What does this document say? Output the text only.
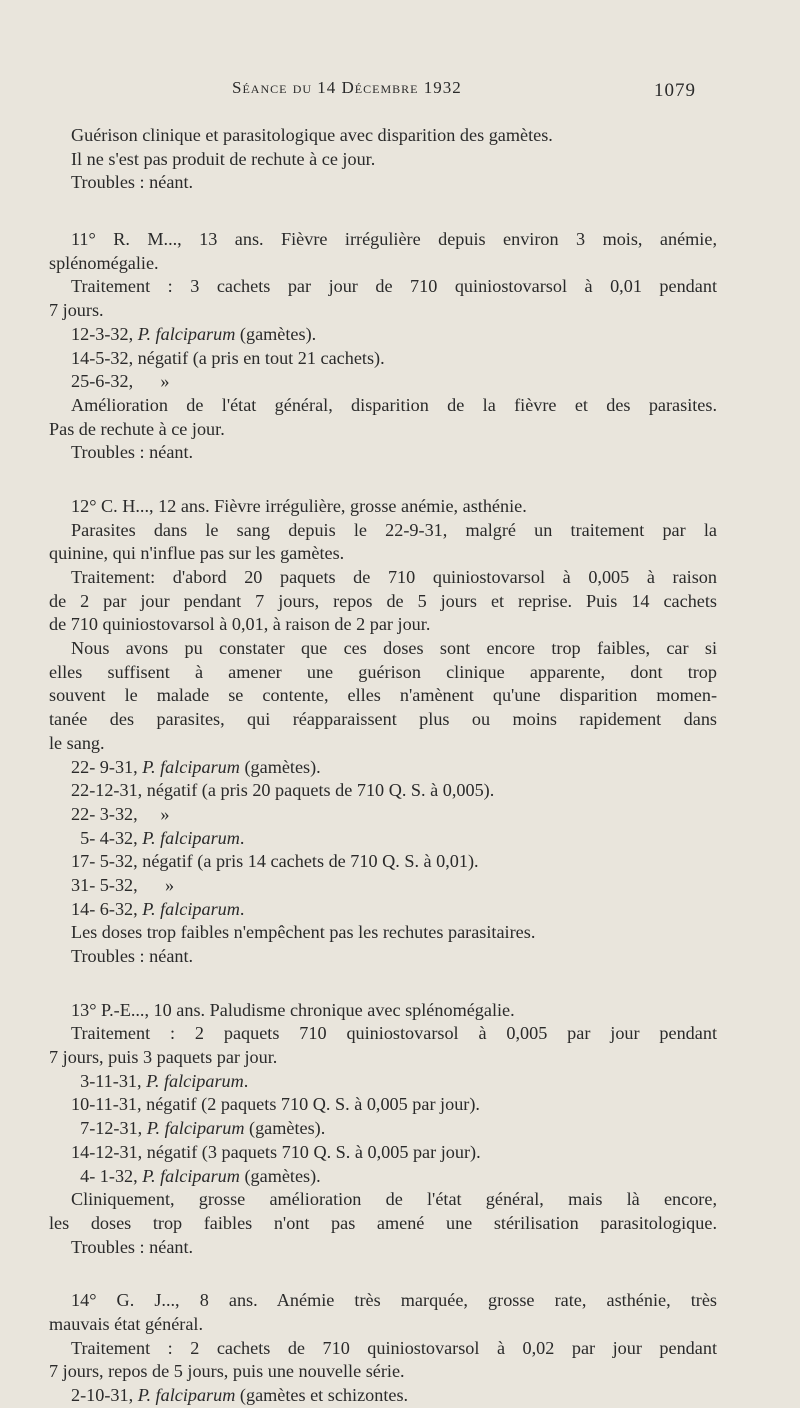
Séance du 14 Décembre 1932	1079
Guérison clinique et parasitologique avec disparition des gamètes.
Il ne s'est pas produit de rechute à ce jour.
Troubles : néant.
11° R. M..., 13 ans. Fièvre irrégulière depuis environ 3 mois, anémie,
splénomégalie.
Traitement : 3 cachets par jour de 710 quiniostovarsol à 0,01 pendant
7 jours.
12-3-32, P. falciparum (gamètes).
14-5-32, négatif (a pris en tout 21 cachets).
25-6-32,      »
Amélioration de l'état général, disparition de la fièvre et des parasites.
Pas de rechute à ce jour.
Troubles : néant.
12° C. H..., 12 ans. Fièvre irrégulière, grosse anémie, asthénie.
Parasites dans le sang depuis le 22-9-31, malgré un traitement par la
quinine, qui n'influe pas sur les gamètes.
Traitement: d'abord 20 paquets de 710 quiniostovarsol à 0,005 à raison
de 2 par jour pendant 7 jours, repos de 5 jours et reprise. Puis 14 cachets
de 710 quiniostovarsol à 0,01, à raison de 2 par jour.
Nous avons pu constater que ces doses sont encore trop faibles, car si
elles suffisent à amener une guérison clinique apparente, dont trop
souvent le malade se contente, elles n'amènent qu'une disparition momen-
tanée des parasites, qui réapparaissent plus ou moins rapidement dans
le sang.
22- 9-31, P. falciparum (gamètes).
22-12-31, négatif (a pris 20 paquets de 710 Q. S. à 0,005).
22- 3-32,     »
5- 4-32, P. falciparum.
17- 5-32, négatif (a pris 14 cachets de 710 Q. S. à 0,01).
31- 5-32,      »
14- 6-32, P. falciparum.
Les doses trop faibles n'empêchent pas les rechutes parasitaires.
Troubles : néant.
13° P.-E..., 10 ans. Paludisme chronique avec splénomégalie.
Traitement : 2 paquets 710 quiniostovarsol à 0,005 par jour pendant
7 jours, puis 3 paquets par jour.
3-11-31, P. falciparum.
10-11-31, négatif (2 paquets 710 Q. S. à 0,005 par jour).
7-12-31, P. falciparum (gamètes).
14-12-31, négatif (3 paquets 710 Q. S. à 0,005 par jour).
4- 1-32, P. falciparum (gamètes).
Cliniquement, grosse amélioration de l'état général, mais là encore,
les doses trop faibles n'ont pas amené une stérilisation parasitologique.
Troubles : néant.
14° G. J..., 8 ans. Anémie très marquée, grosse rate, asthénie, très
mauvais état général.
Traitement : 2 cachets de 710 quiniostovarsol à 0,02 par jour pendant
7 jours, repos de 5 jours, puis une nouvelle série.
2-10-31, P. falciparum (gamètes et schizontes.
